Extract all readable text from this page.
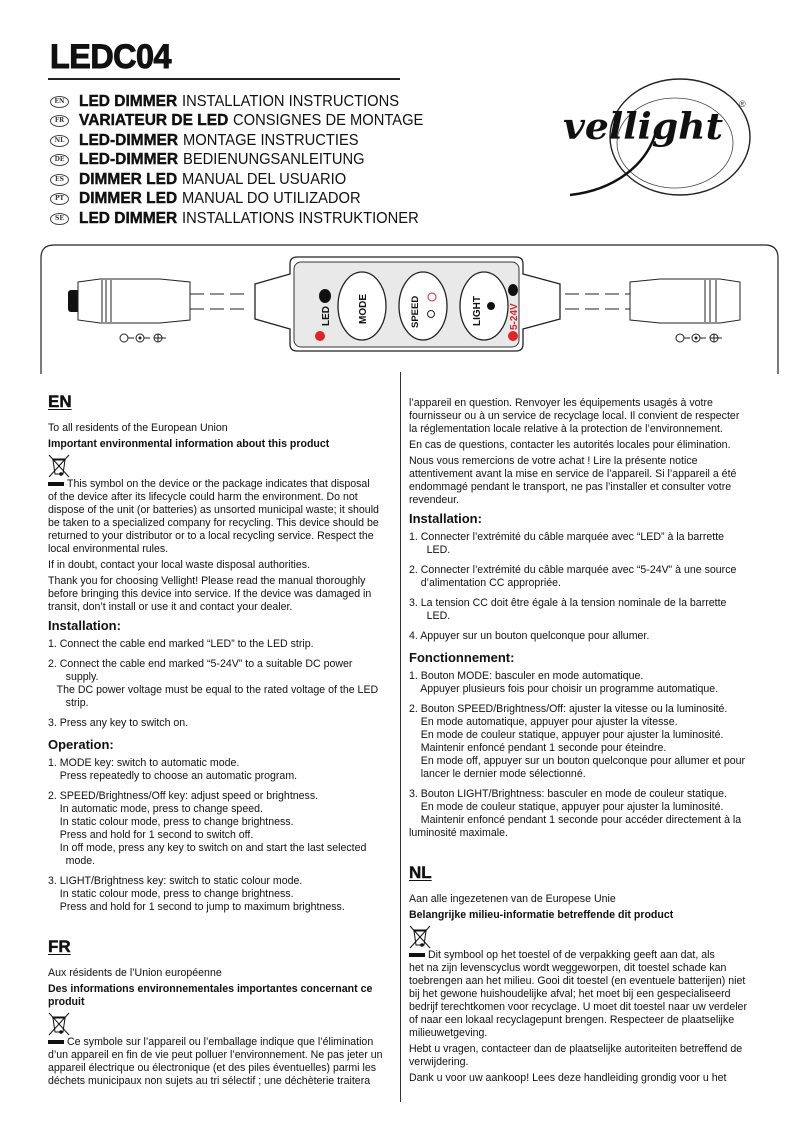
LEDC04
EN LED DIMMER INSTALLATION INSTRUCTIONS
FR VARIATEUR DE LED CONSIGNES DE MONTAGE
NL LED-DIMMER MONTAGE INSTRUCTIES
DE LED-DIMMER BEDIENUNGSANLEITUNG
ES DIMMER LED MANUAL DEL USUARIO
PT DIMMER LED MANUAL DO UTILIZADOR
SE LED DIMMER INSTALLATIONS INSTRUKTIONER
vellight
®
LED	MODE	SPEED	LIGHT	5-24V
EN
To all residents of the European Union
Important environmental information about this product
This symbol on the device or the package indicates that disposal
of the device after its lifecycle could harm the environment. Do not
dispose of the unit (or batteries) as unsorted municipal waste; it should
be taken to a specialized company for recycling. This device should be
returned to your distributor or to a local recycling service. Respect the
local environmental rules.
If in doubt, contact your local waste disposal authorities.
Thank you for choosing Vellight! Please read the manual thoroughly
before bringing this device into service. If the device was damaged in
transit, don’t install or use it and contact your dealer.
Installation:
1. Connect the cable end marked “LED” to the LED strip.
2. Connect the cable end marked “5-24V” to a suitable DC power
supply.
The DC power voltage must be equal to the rated voltage of the LED
strip.
3. Press any key to switch on.
Operation:
1. MODE key: switch to automatic mode.
Press repeatedly to choose an automatic program.
2. SPEED/Brightness/Off key: adjust speed or brightness.
In automatic mode, press to change speed.
In static colour mode, press to change brightness.
Press and hold for 1 second to switch off.
In off mode, press any key to switch on and start the last selected
mode.
3. LIGHT/Brightness key: switch to static colour mode.
In static colour mode, press to change brightness.
Press and hold for 1 second to jump to maximum brightness.
FR
Aux résidents de l’Union européenne
Des informations environnementales importantes concernant ce
produit
Ce symbole sur l’appareil ou l’emballage indique que l’élimination
d’un appareil en fin de vie peut polluer l’environnement. Ne pas jeter un
appareil électrique ou électronique (et des piles éventuelles) parmi les
déchets municipaux non sujets au tri sélectif ; une déchèterie traitera
l’appareil en question. Renvoyer les équipements usagés à votre
fournisseur ou à un service de recyclage local. Il convient de respecter
la réglementation locale relative à la protection de l’environnement.
En cas de questions, contacter les autorités locales pour élimination.
Nous vous remercions de votre achat ! Lire la présente notice
attentivement avant la mise en service de l’appareil. Si l’appareil a été
endommagé pendant le transport, ne pas l’installer et consulter votre
revendeur.
Installation:
1. Connecter l’extrémité du câble marquée avec “LED” à la barrette
LED.
2. Connecter l’extrémité du câble marquée avec “5-24V” à une source
d’alimentation CC appropriée.
3. La tension CC doit être égale à la tension nominale de la barrette
LED.
4. Appuyer sur un bouton quelconque pour allumer.
Fonctionnement:
1. Bouton MODE: basculer en mode automatique.
Appuyer plusieurs fois pour choisir un programme automatique.
2. Bouton SPEED/Brightness/Off: ajuster la vitesse ou la luminosité.
En mode automatique, appuyer pour ajuster la vitesse.
En mode de couleur statique, appuyer pour ajuster la luminosité.
Maintenir enfoncé pendant 1 seconde pour éteindre.
En mode off, appuyer sur un bouton quelconque pour allumer et pour
lancer le dernier mode sélectionné.
3. Bouton LIGHT/Brightness: basculer en mode de couleur statique.
En mode de couleur statique, appuyer pour ajuster la luminosité.
Maintenir enfoncé pendant 1 seconde pour accéder directement à la
luminosité maximale.
NL
Aan alle ingezetenen van de Europese Unie
Belangrijke milieu-informatie betreffende dit product
Dit symbool op het toestel of de verpakking geeft aan dat, als
het na zijn levenscyclus wordt weggeworpen, dit toestel schade kan
toebrengen aan het milieu. Gooi dit toestel (en eventuele batterijen) niet
bij het gewone huishoudelijke afval; het moet bij een gespecialiseerd
bedrijf terechtkomen voor recyclage. U moet dit toestel naar uw verdeler
of naar een lokaal recyclagepunt brengen. Respecteer de plaatselijke
milieuwetgeving.
Hebt u vragen, contacteer dan de plaatselijke autoriteiten betreffend de
verwijdering.
Dank u voor uw aankoop! Lees deze handleiding grondig voor u het
